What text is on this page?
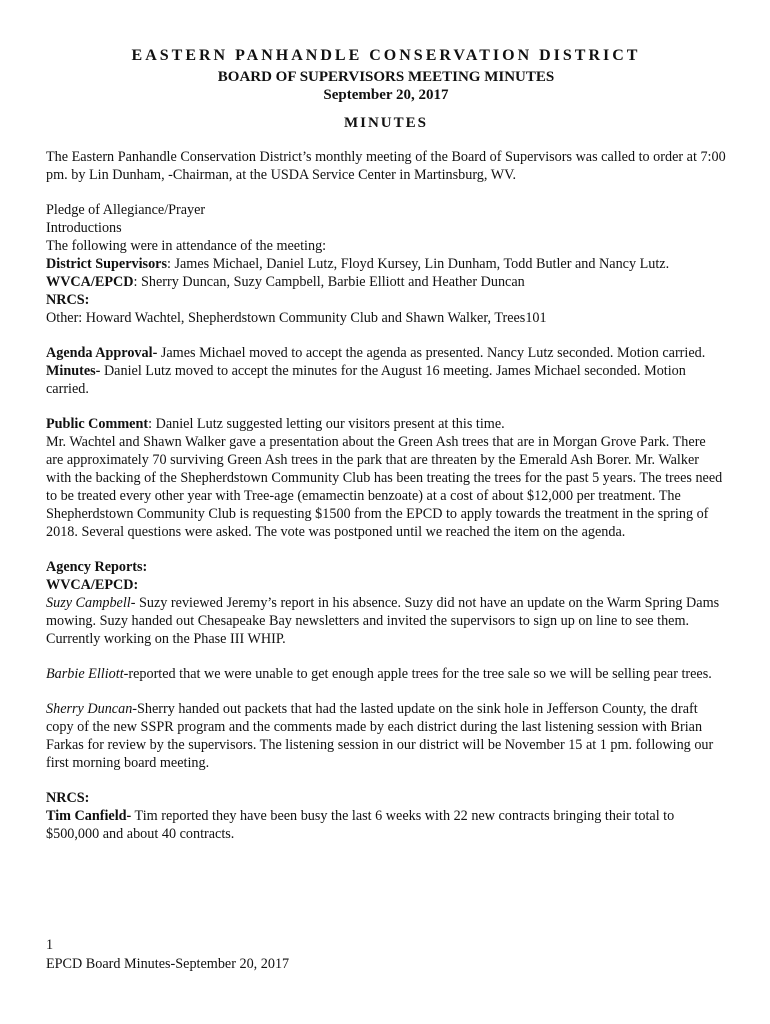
EASTERN PANHANDLE CONSERVATION DISTRICT
BOARD OF SUPERVISORS MEETING MINUTES
September 20, 2017
MINUTES

The Eastern Panhandle Conservation District’s monthly meeting of the Board of Supervisors was called to order at 7:00 pm. by Lin Dunham, -Chairman, at the USDA Service Center in Martinsburg, WV.

Pledge of Allegiance/Prayer

Introductions

The following were in attendance of the meeting:

District Supervisors: James Michael, Daniel Lutz, Floyd Kursey, Lin Dunham, Todd Butler and Nancy Lutz.

WVCA/EPCD: Sherry Duncan, Suzy Campbell, Barbie Elliott and Heather Duncan

NRCS:

Other: Howard Wachtel, Shepherdstown Community Club and Shawn Walker, Trees101

Agenda Approval- James Michael moved to accept the agenda as presented. Nancy Lutz seconded. Motion carried.

Minutes- Daniel Lutz moved to accept the minutes for the August 16 meeting. James Michael seconded. Motion carried.

Public Comment: Daniel Lutz suggested letting our visitors present at this time.

Mr. Wachtel and Shawn Walker gave a presentation about the Green Ash trees that are in Morgan Grove Park. There are approximately 70 surviving Green Ash trees in the park that are threaten by the Emerald Ash Borer. Mr. Walker with the backing of the Shepherdstown Community Club has been treating the trees for the past 5 years. The trees need to be treated every other year with Tree-age (emamectin benzoate) at a cost of about $12,000 per treatment. The Shepherdstown Community Club is requesting $1500 from the EPCD to apply towards the treatment in the spring of 2018. Several questions were asked. The vote was postponed until we reached the item on the agenda.

Agency Reports:

WVCA/EPCD:

Suzy Campbell- Suzy reviewed Jeremy’s report in his absence. Suzy did not have an update on the Warm Spring Dams mowing. Suzy handed out Chesapeake Bay newsletters and invited the supervisors to sign up on line to see them. Currently working on the Phase III WHIP.

Barbie Elliott-reported that we were unable to get enough apple trees for the tree sale so we will be selling pear trees.

Sherry Duncan-Sherry handed out packets that had the lasted update on the sink hole in Jefferson County, the draft copy of the new SSPR program and the comments made by each district during the last listening session with Brian Farkas for review by the supervisors. The listening session in our district will be November 15 at 1 pm. following our first morning board meeting.

NRCS:

Tim Canfield- Tim reported they have been busy the last 6 weeks with 22 new contracts bringing their total to $500,000 and about 40 contracts.

1
EPCD Board Minutes-September 20, 2017
